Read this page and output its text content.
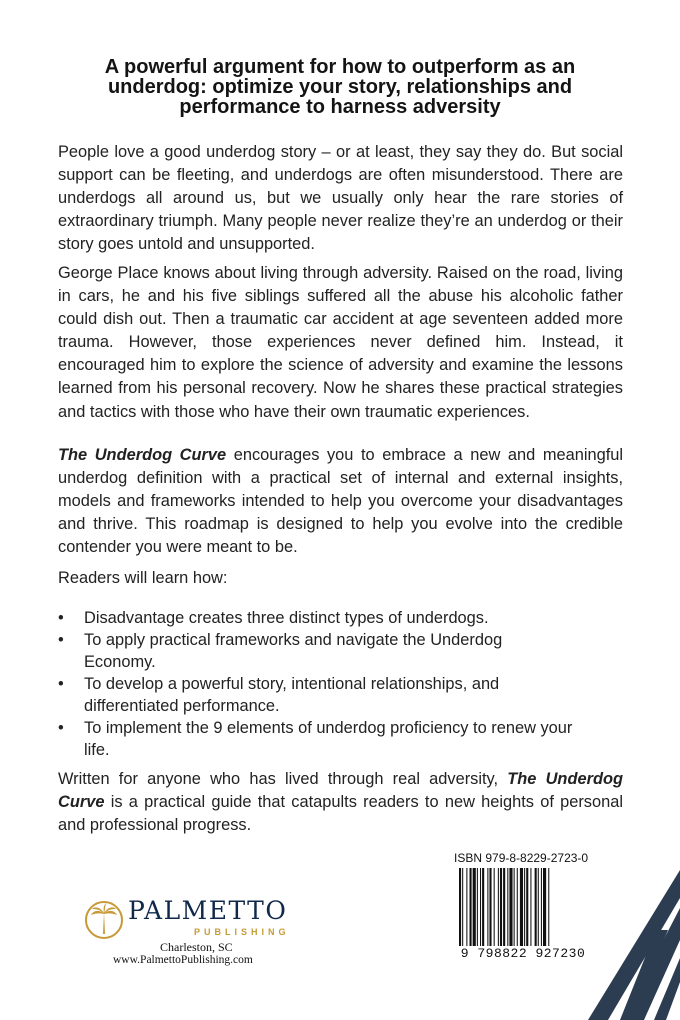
A powerful argument for how to outperform as an underdog: optimize your story, relationships and performance to harness adversity

People love a good underdog story – or at least, they say they do. But social support can be fleeting, and underdogs are often misunderstood. There are underdogs all around us, but we usually only hear the rare stories of extraordinary triumph. Many people never realize they’re an underdog or their story goes untold and unsupported.

George Place knows about living through adversity. Raised on the road, living in cars, he and his five siblings suffered all the abuse his alcoholic father could dish out. Then a traumatic car accident at age seventeen added more trauma. However, those experiences never defined him. Instead, it encouraged him to explore the science of adversity and examine the lessons learned from his personal recovery. Now he shares these practical strategies and tactics with those who have their own traumatic experiences.

The Underdog Curve encourages you to embrace a new and meaningful underdog definition with a practical set of internal and external insights, models and frameworks intended to help you overcome your disadvantages and thrive. This roadmap is designed to help you evolve into the credible contender you were meant to be.

Readers will learn how:

• Disadvantage creates three distinct types of underdogs.
• To apply practical frameworks and navigate the Underdog Economy.
• To develop a powerful story, intentional relationships, and differentiated performance.
• To implement the 9 elements of underdog proficiency to renew your life.

Written for anyone who has lived through real adversity, The Underdog Curve is a practical guide that catapults readers to new heights of personal and professional progress.

PALMETTO
PUBLISHING
Charleston, SC
www.PalmettoPublishing.com
ISBN 979-8-8229-2723-0
9 798822 927230
